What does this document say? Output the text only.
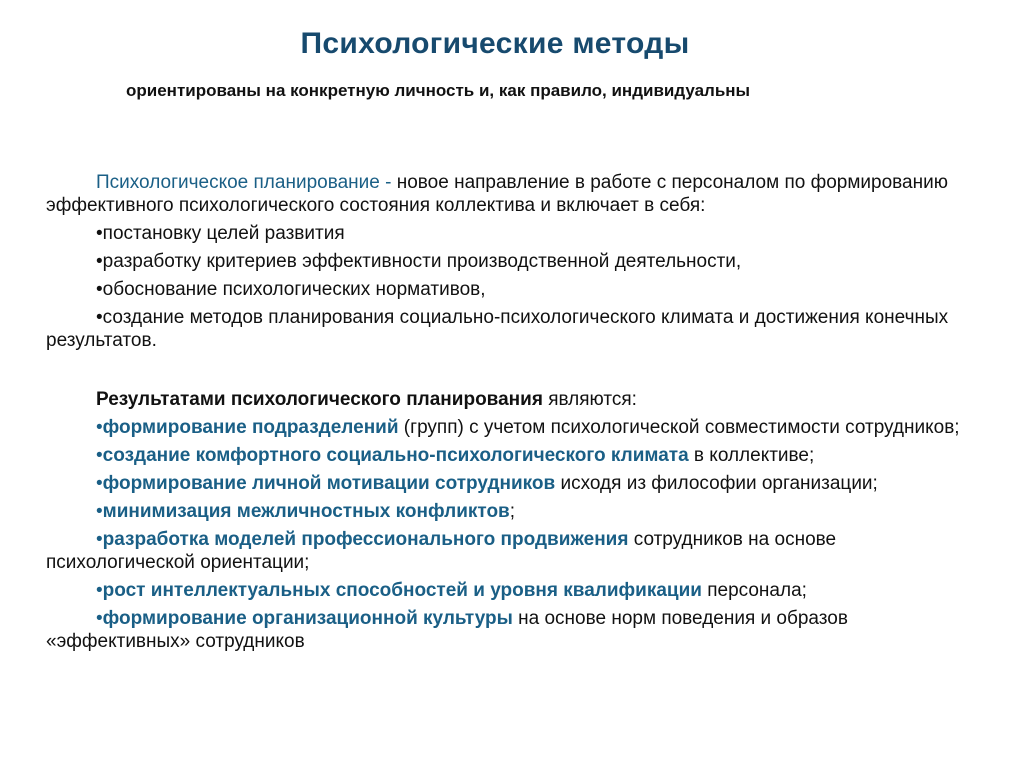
Психологические методы
ориентированы на конкретную личность и, как правило, индивидуальны

Психологическое планирование - новое направление в работе с персоналом по формированию эффективного психологического состояния коллектива и включает в себя:

•постановку целей развития

•разработку критериев эффективности производственной деятельности,

•обоснование психологических нормативов,

•создание методов планирования социально-психологического климата и достижения конечных результатов.

Результатами психологического планирования являются:

•формирование подразделений (групп) с учетом психологической совместимости сотрудников;

•создание комфортного социально-психологического климата в коллективе;

•формирование личной мотивации сотрудников исходя из философии организации;

•минимизация межличностных конфликтов;

•разработка моделей профессионального продвижения сотрудников на основе психологической ориентации;

•рост интеллектуальных способностей и уровня квалификации персонала;

•формирование организационной культуры на основе норм поведения и образов «эффективных» сотрудников
